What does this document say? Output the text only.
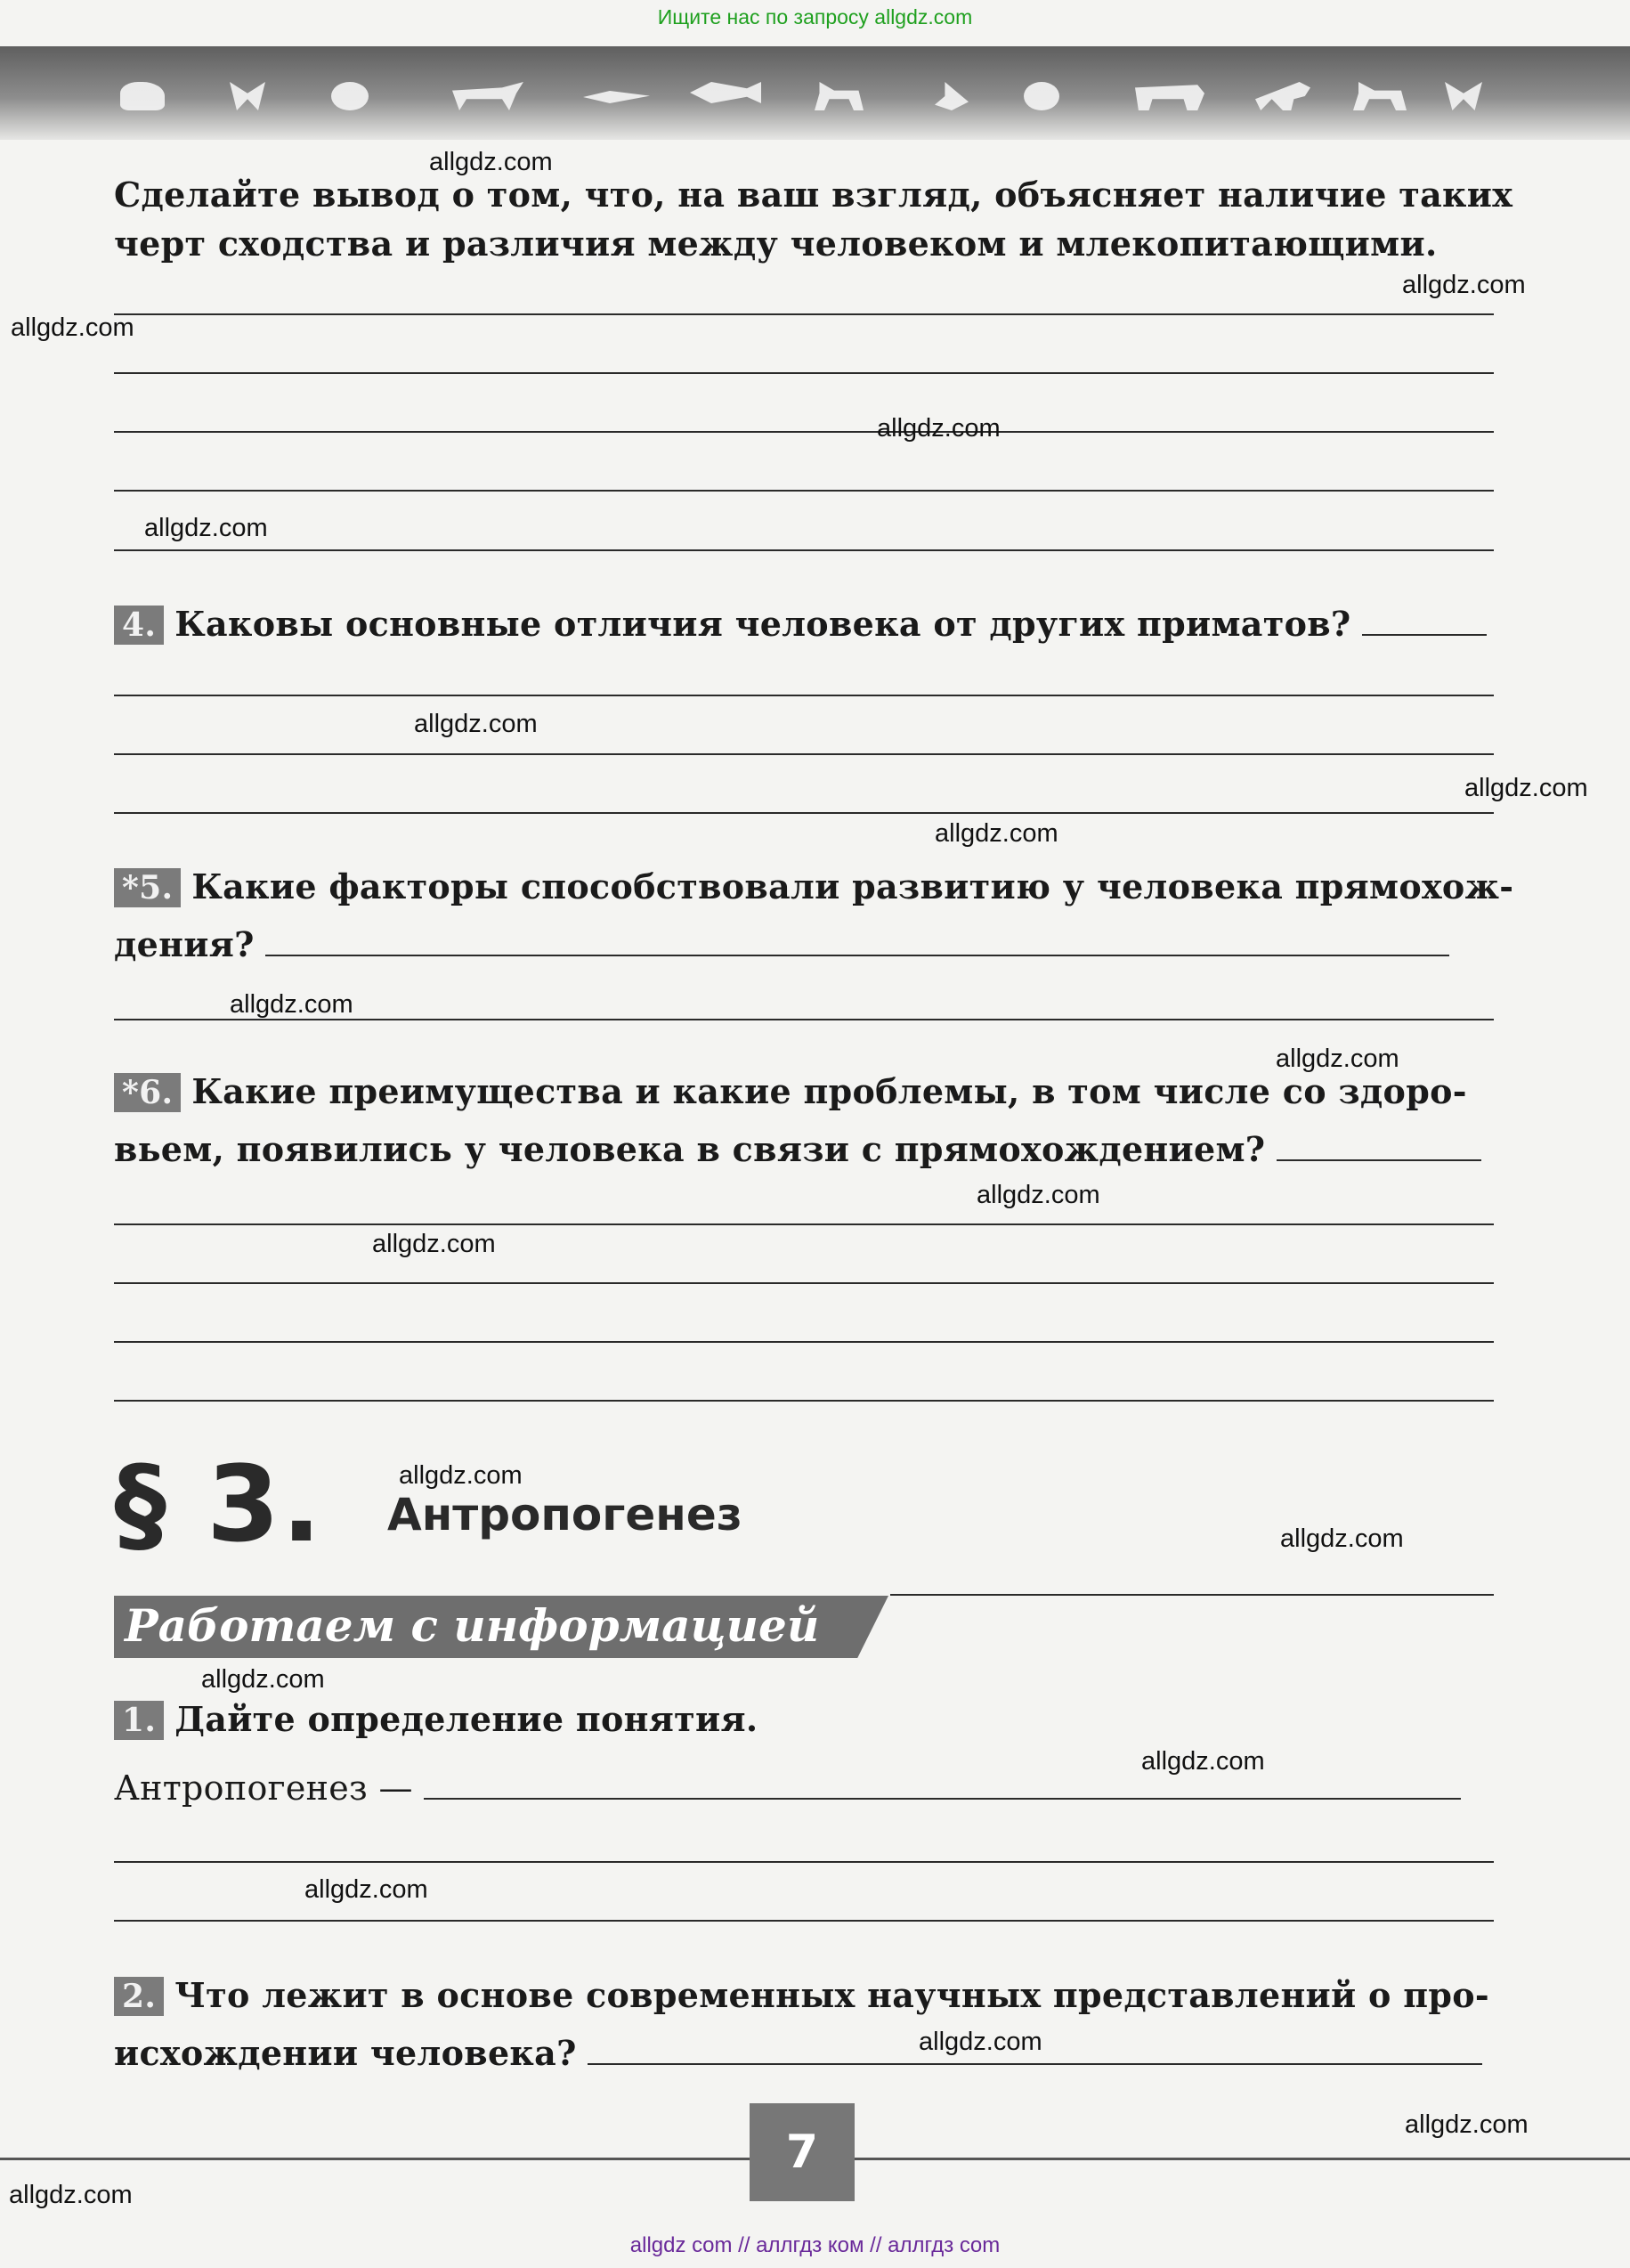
Ищите нас по запросу allgdz.com
Сделайте вывод о том, что, на ваш взгляд, объясняет наличие таких
черт сходства и различия между человеком и млекопитающими.
4. Каковы основные отличия человека от других приматов?
*5. Какие факторы способствовали развитию у человека прямохож-
дения?
*6. Какие преимущества и какие проблемы, в том числе со здоро-
вьем, появились у человека в связи с прямохождением?
§ 3. Антропогенез
Работаем с информацией
1. Дайте определение понятия.
Антропогенез —
2. Что лежит в основе современных научных представлений о про-
исхождении человека?
7
allgdz com // аллгдз ком // аллгдз com
allgdz.com
allgdz.com
allgdz.com
allgdz.com
allgdz.com
allgdz.com
allgdz.com
allgdz.com
allgdz.com
allgdz.com
allgdz.com
allgdz.com
allgdz.com
allgdz.com
allgdz.com
allgdz.com
allgdz.com
allgdz.com
allgdz.com
allgdz.com
